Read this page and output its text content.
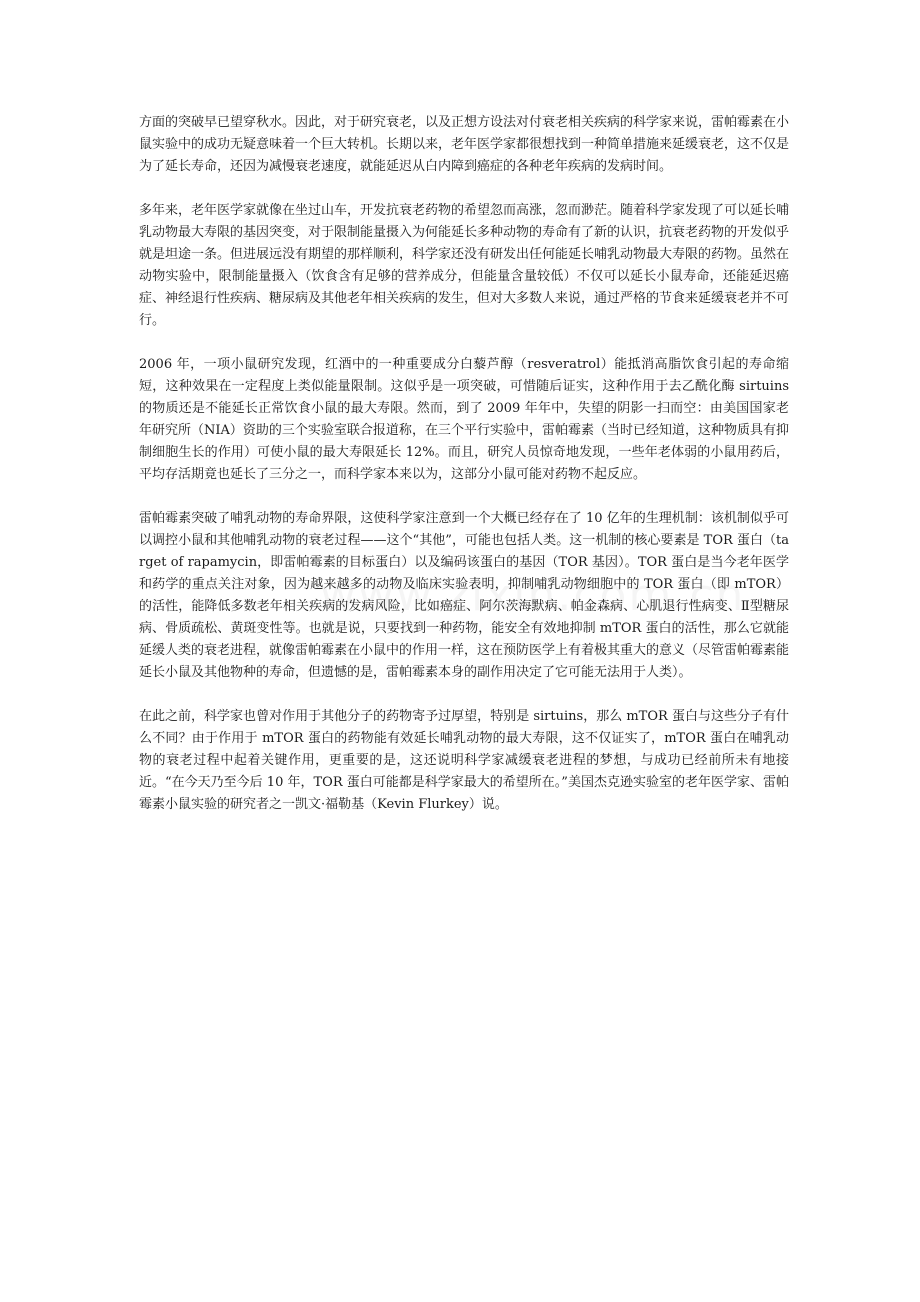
方面的突破早已望穿秋水。因此，对于研究衰老，以及正想方设法对付衰老相关疾病的科学家来说，雷帕霉素在小鼠实验中的成功无疑意味着一个巨大转机。长期以来，老年医学家都很想找到一种简单措施来延缓衰老，这不仅是为了延长寿命，还因为减慢衰老速度，就能延迟从白内障到癌症的各种老年疾病的发病时间。

多年来，老年医学家就像在坐过山车，开发抗衰老药物的希望忽而高涨，忽而渺茫。随着科学家发现了可以延长哺乳动物最大寿限的基因突变，对于限制能量摄入为何能延长多种动物的寿命有了新的认识，抗衰老药物的开发似乎就是坦途一条。但进展远没有期望的那样顺利，科学家还没有研发出任何能延长哺乳动物最大寿限的药物。虽然在动物实验中，限制能量摄入（饮食含有足够的营养成分，但能量含量较低）不仅可以延长小鼠寿命，还能延迟癌症、神经退行性疾病、糖尿病及其他老年相关疾病的发生，但对大多数人来说，通过严格的节食来延缓衰老并不可行。

2006 年，一项小鼠研究发现，红酒中的一种重要成分白藜芦醇（resveratrol）能抵消高脂饮食引起的寿命缩短，这种效果在一定程度上类似能量限制。这似乎是一项突破，可惜随后证实，这种作用于去乙酰化酶 sirtuins 的物质还是不能延长正常饮食小鼠的最大寿限。然而，到了 2009 年年中，失望的阴影一扫而空：由美国国家老年研究所（NIA）资助的三个实验室联合报道称，在三个平行实验中，雷帕霉素（当时已经知道，这种物质具有抑制细胞生长的作用）可使小鼠的最大寿限延长 12%。而且，研究人员惊奇地发现，一些年老体弱的小鼠用药后，平均存活期竟也延长了三分之一，而科学家本来以为，这部分小鼠可能对药物不起反应。

雷帕霉素突破了哺乳动物的寿命界限，这使科学家注意到一个大概已经存在了 10 亿年的生理机制：该机制似乎可以调控小鼠和其他哺乳动物的衰老过程——这个“其他”，可能也包括人类。这一机制的核心要素是 TOR 蛋白（target of rapamycin，即雷帕霉素的目标蛋白）以及编码该蛋白的基因（TOR 基因）。TOR 蛋白是当今老年医学和药学的重点关注对象，因为越来越多的动物及临床实验表明，抑制哺乳动物细胞中的 TOR 蛋白（即 mTOR）的活性，能降低多数老年相关疾病的发病风险，比如癌症、阿尔茨海默病、帕金森病、心肌退行性病变、Ⅱ型糖尿病、骨质疏松、黄斑变性等。也就是说，只要找到一种药物，能安全有效地抑制 mTOR 蛋白的活性，那么它就能延缓人类的衰老进程，就像雷帕霉素在小鼠中的作用一样，这在预防医学上有着极其重大的意义（尽管雷帕霉素能延长小鼠及其他物种的寿命，但遗憾的是，雷帕霉素本身的副作用决定了它可能无法用于人类）。

在此之前，科学家也曾对作用于其他分子的药物寄予过厚望，特别是 sirtuins，那么 mTOR 蛋白与这些分子有什么不同？由于作用于 mTOR 蛋白的药物能有效延长哺乳动物的最大寿限，这不仅证实了，mTOR 蛋白在哺乳动物的衰老过程中起着关键作用，更重要的是，这还说明科学家减缓衰老进程的梦想，与成功已经前所未有地接近。“在今天乃至今后 10 年，TOR 蛋白可能都是科学家最大的希望所在。”美国杰克逊实验室的老年医学家、雷帕霉素小鼠实验的研究者之一凯文·福勒基（Kevin Flurkey）说。
